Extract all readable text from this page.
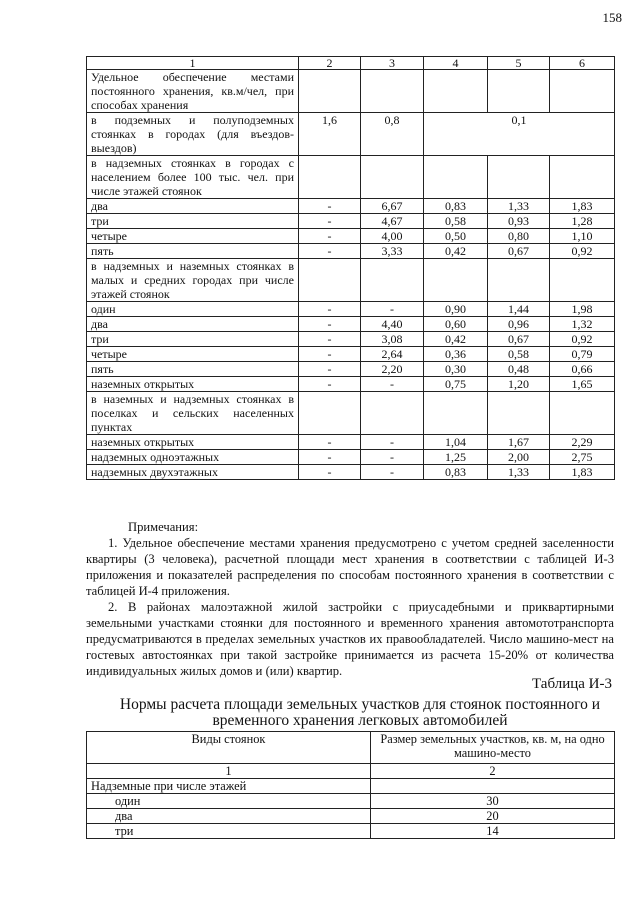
158
1	2	3	4	5	6
Удельное обеспечение местами постоянного хранения, кв.м/чел, при способах хранения					
в подземных и полуподземных стоянках в городах (для въездов-выездов)	1,6	0,8	0,1		
в надземных стоянках в городах с населением более 100 тыс. чел. при числе этажей стоянок					
два	-	6,67	0,83	1,33	1,83
три	-	4,67	0,58	0,93	1,28
четыре	-	4,00	0,50	0,80	1,10
пять	-	3,33	0,42	0,67	0,92
в надземных и наземных стоянках в малых и средних городах при числе этажей стоянок					
один	-	-	0,90	1,44	1,98
два	-	4,40	0,60	0,96	1,32
три	-	3,08	0,42	0,67	0,92
четыре	-	2,64	0,36	0,58	0,79
пять	-	2,20	0,30	0,48	0,66
наземных открытых	-	-	0,75	1,20	1,65
в наземных и надземных стоянках в поселках и сельских населенных пунктах					
наземных открытых	-	-	1,04	1,67	2,29
надземных одноэтажных	-	-	1,25	2,00	2,75
надземных двухэтажных	-	-	0,83	1,33	1,83

Примечания:

1. Удельное обеспечение местами хранения предусмотрено с учетом средней заселенности квартиры (3 человека), расчетной площади мест хранения в соответствии с таблицей И-3 приложения и показателей распределения по способам постоянного хранения в соответствии с таблицей И-4 приложения.

2. В районах малоэтажной жилой застройки с приусадебными и приквартирными земельными участками стоянки для постоянного и временного хранения автомототранспорта предусматриваются в пределах земельных участков их правообладателей. Число машино-мест на гостевых автостоянках при такой застройке принимается из расчета 15-20% от количества индивидуальных жилых домов и (или) квартир.

Таблица И-3
Нормы расчета площади земельных участков для стоянок постоянного и временного хранения легковых автомобилей
Виды стоянок	Размер земельных участков, кв. м, на одно машино-место
1	2
Надземные при числе этажей	
один	30
два	20
три	14
